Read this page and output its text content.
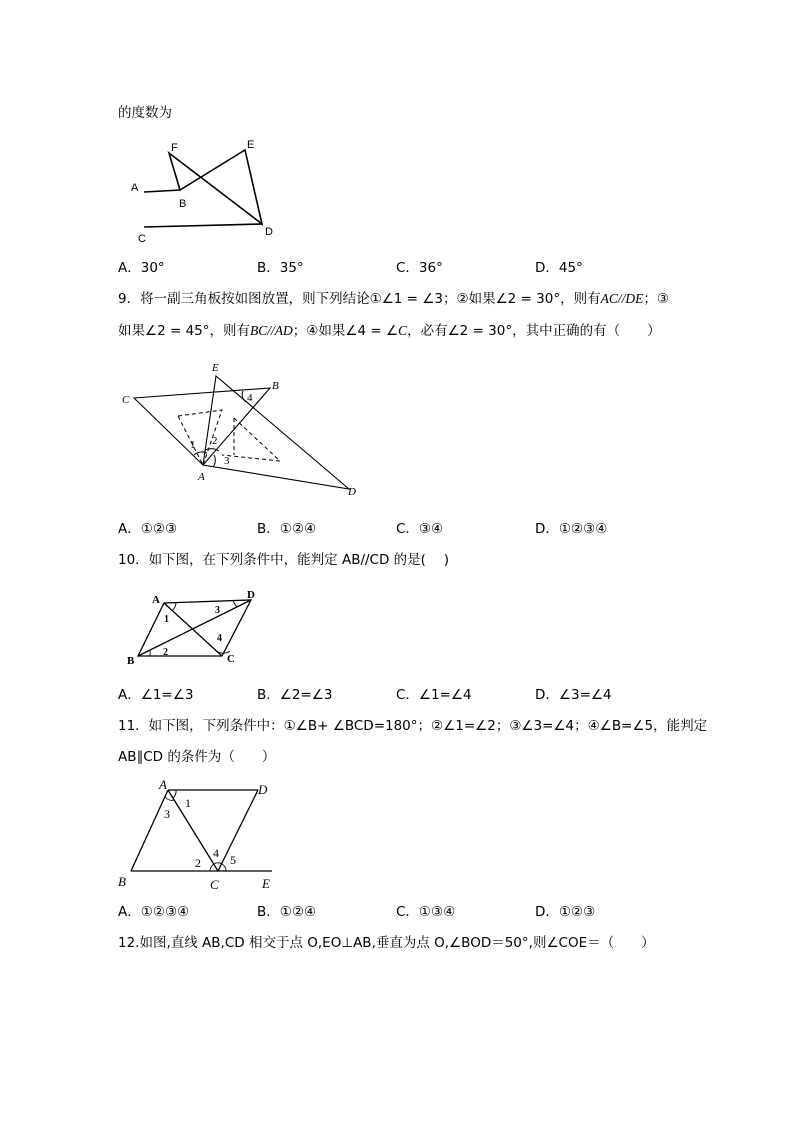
的度数为
F	E
A
B
C
D
A．30°	B．35°	C．36°	D．45°
9．将一副三角板按如图放置，则下列结论①∠1 = ∠3；②如果∠2 = 30°，则有AC//DE；③
如果∠2 = 45°，则有BC//AD；④如果∠4 = ∠C，必有∠2 = 30°，其中正确的有（　　）
E
B
C
A
D
1 2
3
4
A．①②③	B．①②④	C．③④	D．①②③④
10．如下图，在下列条件中，能判定 AB//CD 的是(　 )
A	D
B	C
1
2
3
4
A．∠1=∠3	B．∠2=∠3	C．∠1=∠4	D．∠3=∠4
11．如下图，下列条件中：①∠B+ ∠BCD=180°；②∠1=∠2；③∠3=∠4；④∠B=∠5，能判定
AB∥CD 的条件为（　　）
A	D
B	C	E
1
2
3
4 5
A．①②③④	B．①②④	C．①③④	D．①②③
12.如图,直线 AB,CD 相交于点 O,EO⊥AB,垂直为点 O,∠BOD＝50°,则∠COE＝（　　）
